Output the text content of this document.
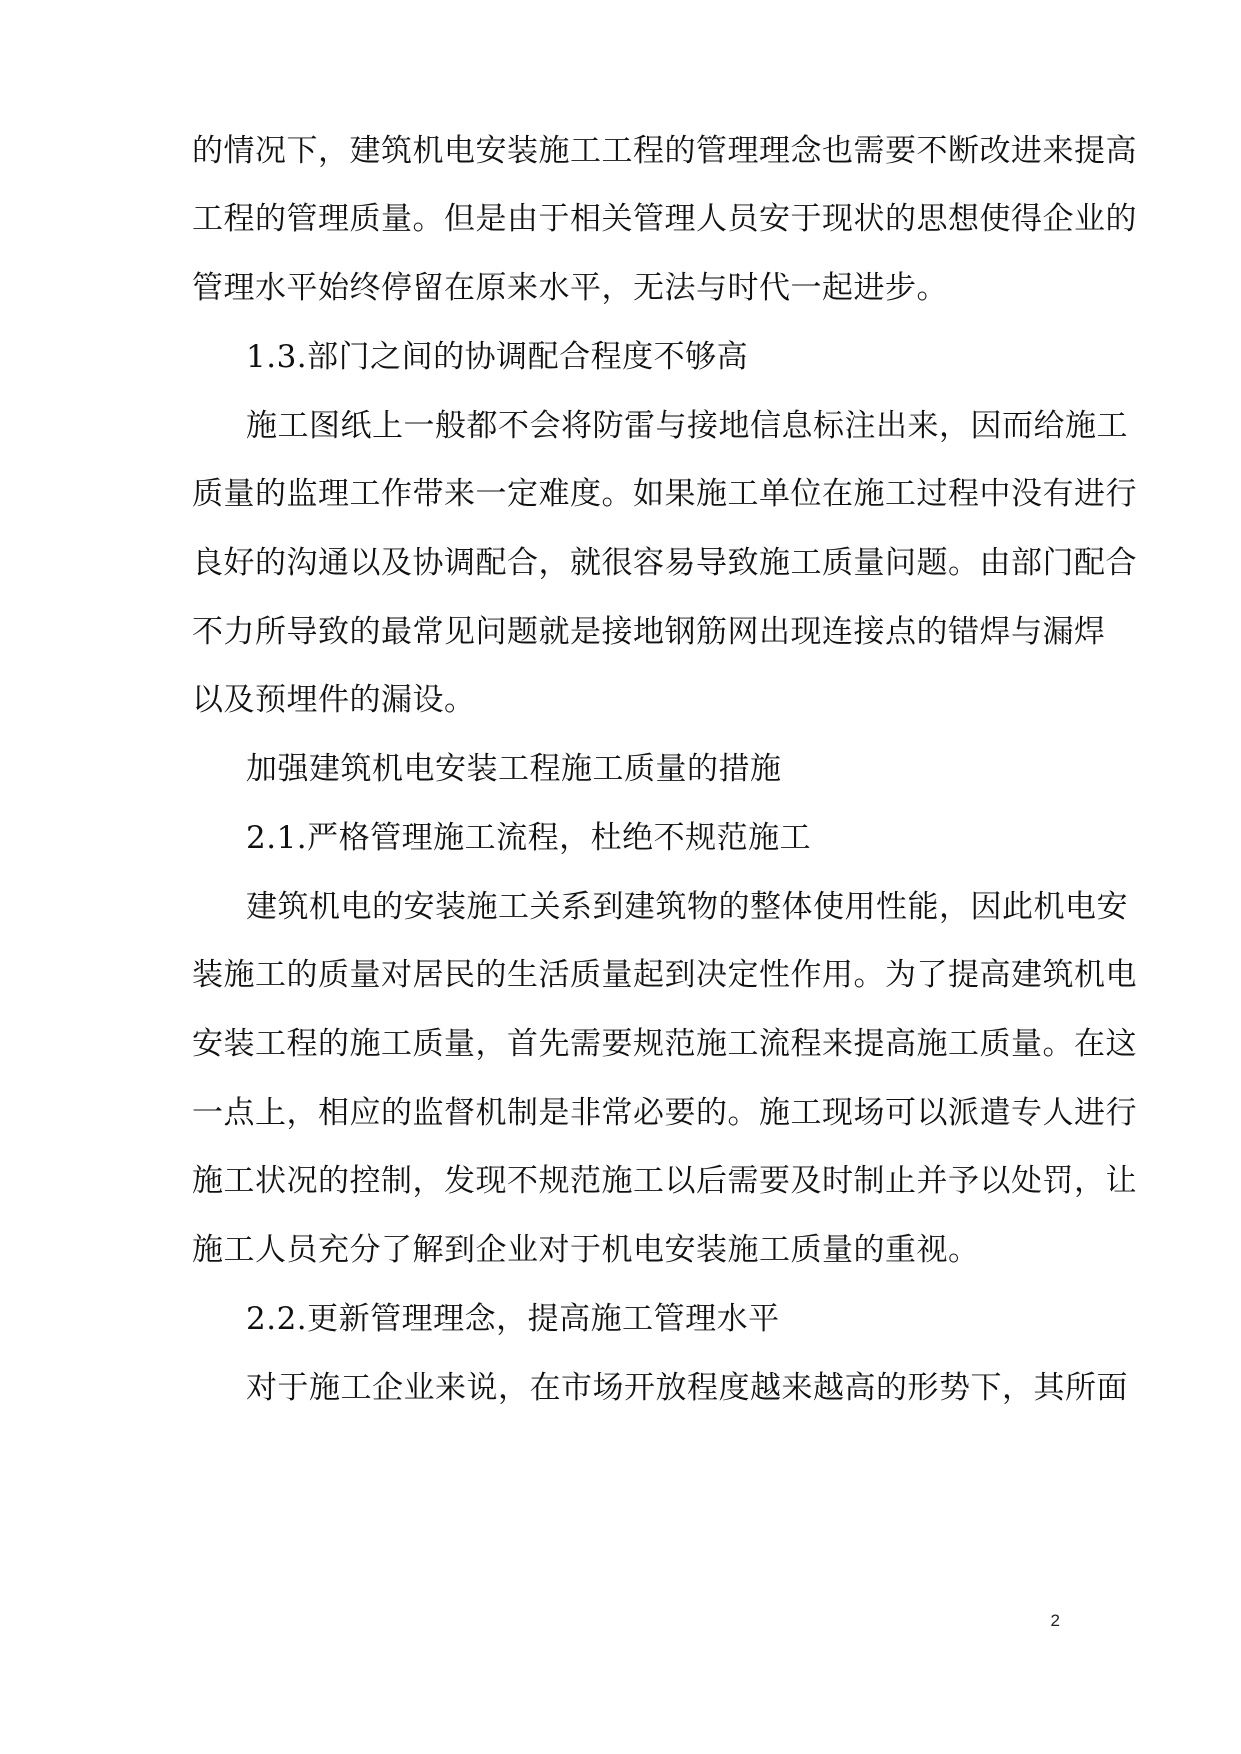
的情况下，建筑机电安装施工工程的管理理念也需要不断改进来提高
工程的管理质量。但是由于相关管理人员安于现状的思想使得企业的
管理水平始终停留在原来水平，无法与时代一起进步。
1.3.部门之间的协调配合程度不够高
施工图纸上一般都不会将防雷与接地信息标注出来，因而给施工
质量的监理工作带来一定难度。如果施工单位在施工过程中没有进行
良好的沟通以及协调配合，就很容易导致施工质量问题。由部门配合
不力所导致的最常见问题就是接地钢筋网出现连接点的错焊与漏焊
以及预埋件的漏设。
加强建筑机电安装工程施工质量的措施
2.1.严格管理施工流程，杜绝不规范施工
建筑机电的安装施工关系到建筑物的整体使用性能，因此机电安
装施工的质量对居民的生活质量起到决定性作用。为了提高建筑机电
安装工程的施工质量，首先需要规范施工流程来提高施工质量。在这
一点上，相应的监督机制是非常必要的。施工现场可以派遣专人进行
施工状况的控制，发现不规范施工以后需要及时制止并予以处罚，让
施工人员充分了解到企业对于机电安装施工质量的重视。
2.2.更新管理理念，提高施工管理水平
对于施工企业来说，在市场开放程度越来越高的形势下，其所面
2
